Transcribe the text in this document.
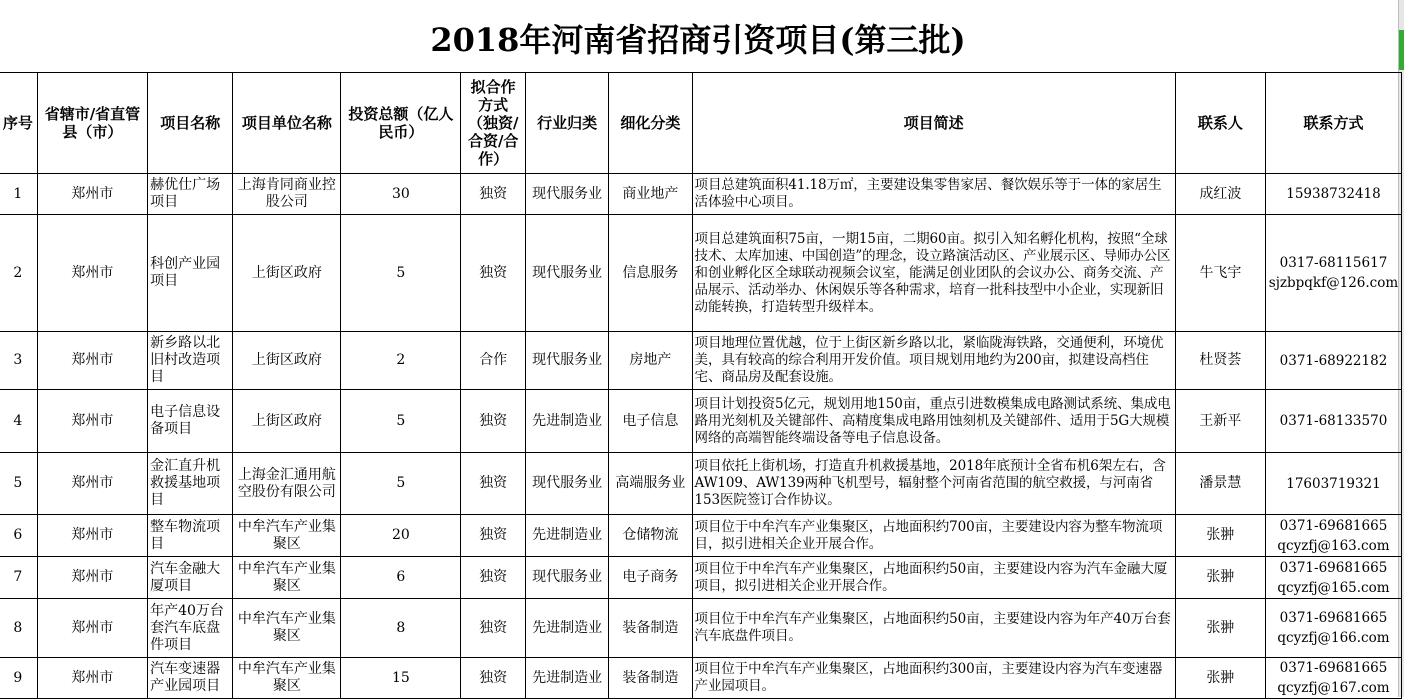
2018年河南省招商引资项目(第三批)
序号	省辖市/省直管县（市）	项目名称	项目单位名称	投资总额（亿人民币）	拟合作方式（独资/合资/合作）	行业归类	细化分类	项目简述	联系人	联系方式
1	郑州市	赫优仕广场项目	上海肯同商业控股公司	30	独资	现代服务业	商业地产	项目总建筑面积41.18万㎡，主要建设集零售家居、餐饮娱乐等于一体的家居生活体验中心项目。	成红波	15938732418
2	郑州市	科创产业园项目	上街区政府	5	独资	现代服务业	信息服务	项目总建筑面积75亩，一期15亩，二期60亩。拟引入知名孵化机构，按照“全球技术、太库加速、中国创造”的理念，设立路演活动区、产业展示区、导师办公区和创业孵化区全球联动视频会议室，能满足创业团队的会议办公、商务交流、产品展示、活动举办、休闲娱乐等各种需求，培育一批科技型中小企业，实现新旧动能转换，打造转型升级样本。	牛飞宇	0317-68115617
sjzbpqkf@126.com
3	郑州市	新乡路以北旧村改造项目	上街区政府	2	合作	现代服务业	房地产	项目地理位置优越，位于上街区新乡路以北，紧临陇海铁路，交通便利，环境优美，具有较高的综合利用开发价值。项目规划用地约为200亩，拟建设高档住宅、商品房及配套设施。	杜贤荟	0371-68922182
4	郑州市	电子信息设备项目	上街区政府	5	独资	先进制造业	电子信息	项目计划投资5亿元，规划用地150亩，重点引进数模集成电路测试系统、集成电路用光刻机及关键部件、高精度集成电路用蚀刻机及关键部件、适用于5G大规模网络的高端智能终端设备等电子信息设备。	王新平	0371-68133570
5	郑州市	金汇直升机救援基地项目	上海金汇通用航空股份有限公司	5	独资	现代服务业	高端服务业	项目依托上街机场，打造直升机救援基地，2018年底预计全省布机6架左右，含AW109、AW139两种飞机型号，辐射整个河南省范围的航空救援，与河南省153医院签订合作协议。	潘景慧	17603719321
6	郑州市	整车物流项目	中牟汽车产业集聚区	20	独资	先进制造业	仓储物流	项目位于中牟汽车产业集聚区，占地面积约700亩，主要建设内容为整车物流项目，拟引进相关企业开展合作。	张翀	0371-69681665
qcyzfj@163.com
7	郑州市	汽车金融大厦项目	中牟汽车产业集聚区	6	独资	现代服务业	电子商务	项目位于中牟汽车产业集聚区，占地面积约50亩，主要建设内容为汽车金融大厦项目，拟引进相关企业开展合作。	张翀	0371-69681665
qcyzfj@165.com
8	郑州市	年产40万台套汽车底盘件项目	中牟汽车产业集聚区	8	独资	先进制造业	装备制造	项目位于中牟汽车产业集聚区，占地面积约50亩，主要建设内容为年产40万台套汽车底盘件项目。	张翀	0371-69681665
qcyzfj@166.com
9	郑州市	汽车变速器产业园项目	中牟汽车产业集聚区	15	独资	先进制造业	装备制造	项目位于中牟汽车产业集聚区，占地面积约300亩，主要建设内容为汽车变速器产业园项目。	张翀	0371-69681665
qcyzfj@167.com
